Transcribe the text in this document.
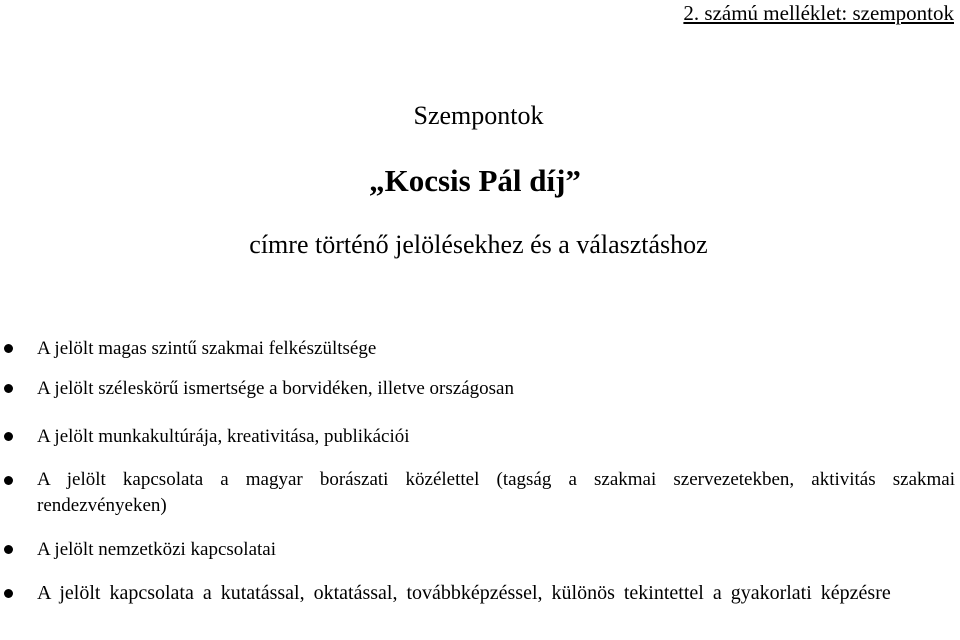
2. számú melléklet: szempontok
Szempontok
„Kocsis Pál díj”
címre történő jelölésekhez és a választáshoz
A jelölt magas szintű szakmai felkészültsége
A jelölt széleskörű ismertsége a borvidéken, illetve országosan
A jelölt munkakultúrája, kreativitása, publikációi
A jelölt kapcsolata a magyar borászati közélettel (tagság a szakmai szervezetekben, aktivitás szakmai rendezvényeken)
A jelölt nemzetközi kapcsolatai
A jelölt kapcsolata a kutatással, oktatással, továbbképzéssel, különös tekintettel a gyakorlati képzésre
